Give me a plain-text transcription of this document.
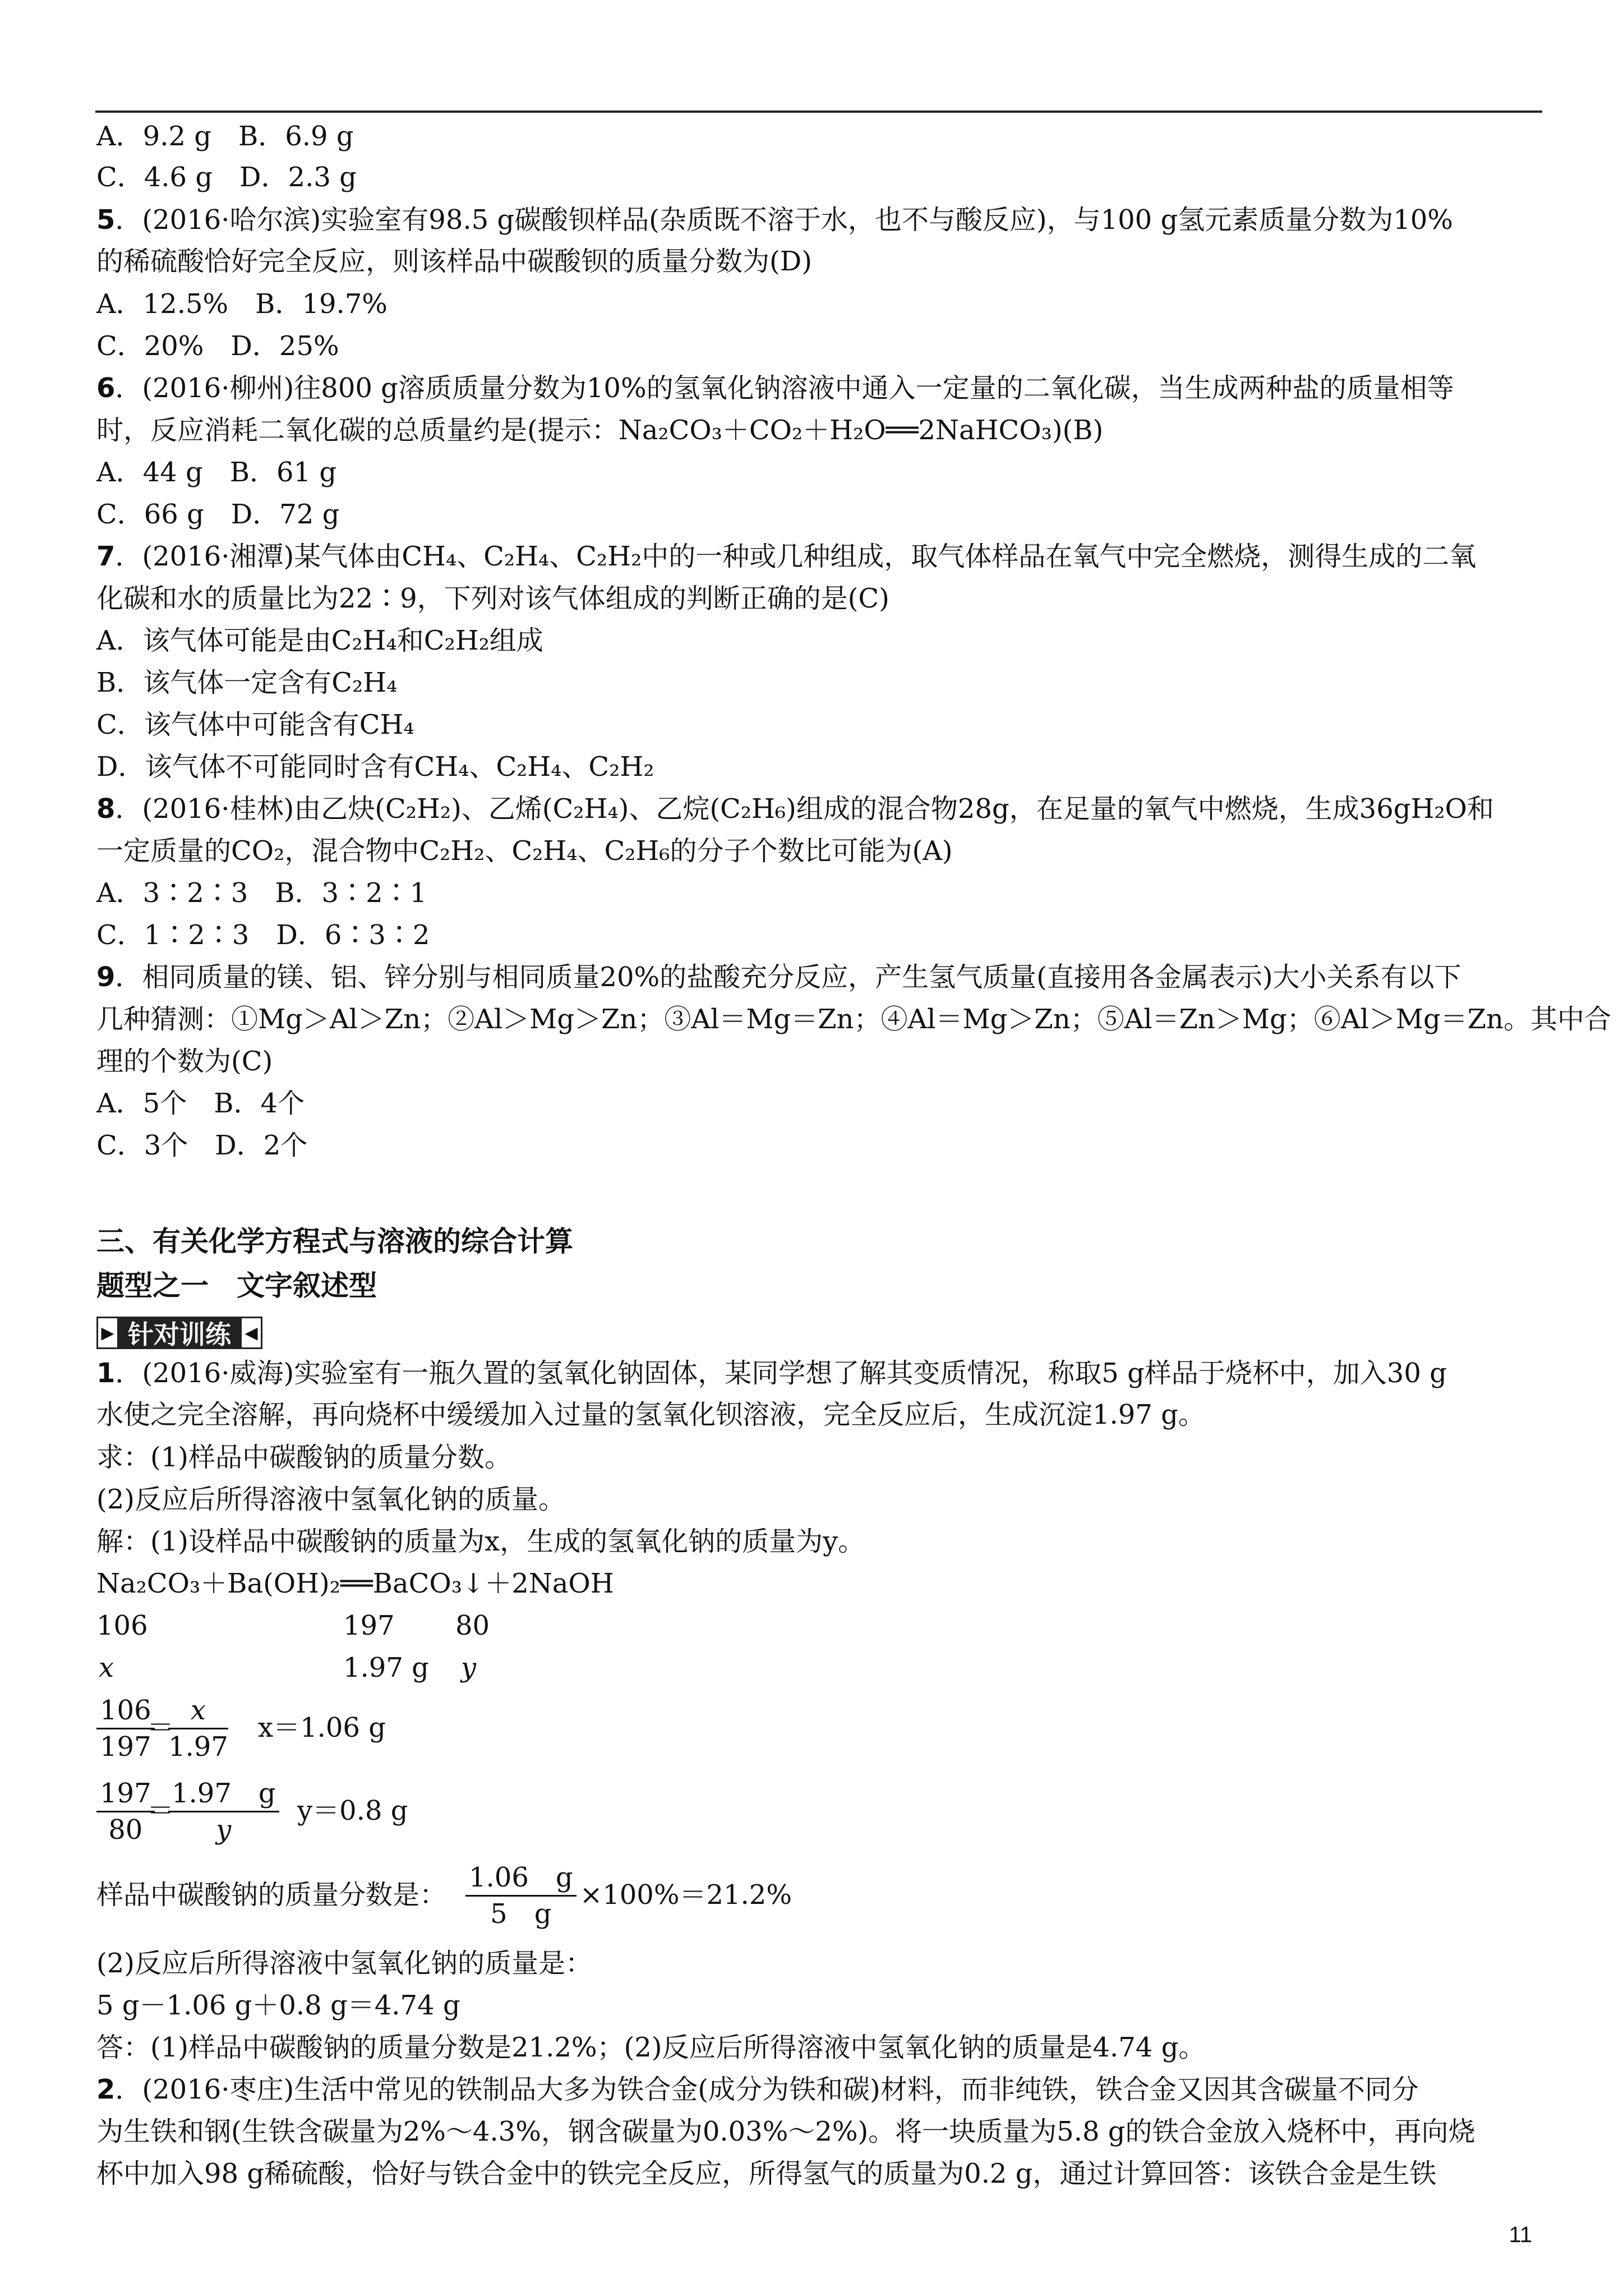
A．9.2 g　B．6.9 g
C．4.6 g　D．2.3 g
5．(2016·哈尔滨)实验室有98.5 g碳酸钡样品(杂质既不溶于水，也不与酸反应)，与100 g氢元素质量分数为10%
的稀硫酸恰好完全反应，则该样品中碳酸钡的质量分数为(D)
A．12.5%　B．19.7%
C．20%　D．25%
6．(2016·柳州)往800 g溶质质量分数为10%的氢氧化钠溶液中通入一定量的二氧化碳，当生成两种盐的质量相等
时，反应消耗二氧化碳的总质量约是(提示：Na₂CO₃＋CO₂＋H₂O══2NaHCO₃)(B)
A．44 g　B．61 g
C．66 g　D．72 g
7．(2016·湘潭)某气体由CH₄、C₂H₄、C₂H₂中的一种或几种组成，取气体样品在氧气中完全燃烧，测得生成的二氧
化碳和水的质量比为22∶9，下列对该气体组成的判断正确的是(C)
A．该气体可能是由C₂H₄和C₂H₂组成
B．该气体一定含有C₂H₄
C．该气体中可能含有CH₄
D．该气体不可能同时含有CH₄、C₂H₄、C₂H₂
8．(2016·桂林)由乙炔(C₂H₂)、乙烯(C₂H₄)、乙烷(C₂H₆)组成的混合物28g，在足量的氧气中燃烧，生成36gH₂O和
一定质量的CO₂，混合物中C₂H₂、C₂H₄、C₂H₆的分子个数比可能为(A)
A．3∶2∶3　B．3∶2∶1
C．1∶2∶3　D．6∶3∶2
9．相同质量的镁、铝、锌分别与相同质量20%的盐酸充分反应，产生氢气质量(直接用各金属表示)大小关系有以下
几种猜测：①Mg＞Al＞Zn；②Al＞Mg＞Zn；③Al＝Mg＝Zn；④Al＝Mg＞Zn；⑤Al＝Zn＞Mg；⑥Al＞Mg＝Zn。其中合
理的个数为(C)
A．5个　B．4个
C．3个　D．2个
三、有关化学方程式与溶液的综合计算
题型之一　文字叙述型
▶ 针对训练 ◀
1．(2016·威海)实验室有一瓶久置的氢氧化钠固体，某同学想了解其变质情况，称取5 g样品于烧杯中，加入30 g
水使之完全溶解，再向烧杯中缓缓加入过量的氢氧化钡溶液，完全反应后，生成沉淀1.97 g。
求：(1)样品中碳酸钠的质量分数。
(2)反应后所得溶液中氢氧化钠的质量。
解：(1)设样品中碳酸钠的质量为x，生成的氢氧化钠的质量为y。
Na₂CO₃＋Ba(OH)₂══BaCO₃↓＋2NaOH
106	197 80
x	1.97 g y
$\frac{106}{197}$
＝
$\frac{x}{1.97} x=1.06$ g
$\frac{197}{80}$
＝
$\frac{1.97 g}{y} y=0.8$ g
样品中碳酸钠的质量分数是： $\frac{1.06 g}{5 g} \times 100\%=21.2\%$
(2)反应后所得溶液中氢氧化钠的质量是：
5 g－1.06 g＋0.8 g＝4.74 g
答：(1)样品中碳酸钠的质量分数是21.2%；(2)反应后所得溶液中氢氧化钠的质量是4.74 g。
2．(2016·枣庄)生活中常见的铁制品大多为铁合金(成分为铁和碳)材料，而非纯铁，铁合金又因其含碳量不同分
为生铁和钢(生铁含碳量为2%～4.3%，钢含碳量为0.03%～2%)。将一块质量为5.8 g的铁合金放入烧杯中，再向烧
杯中加入98 g稀硫酸，恰好与铁合金中的铁完全反应，所得氢气的质量为0.2 g，通过计算回答：该铁合金是生铁
11
